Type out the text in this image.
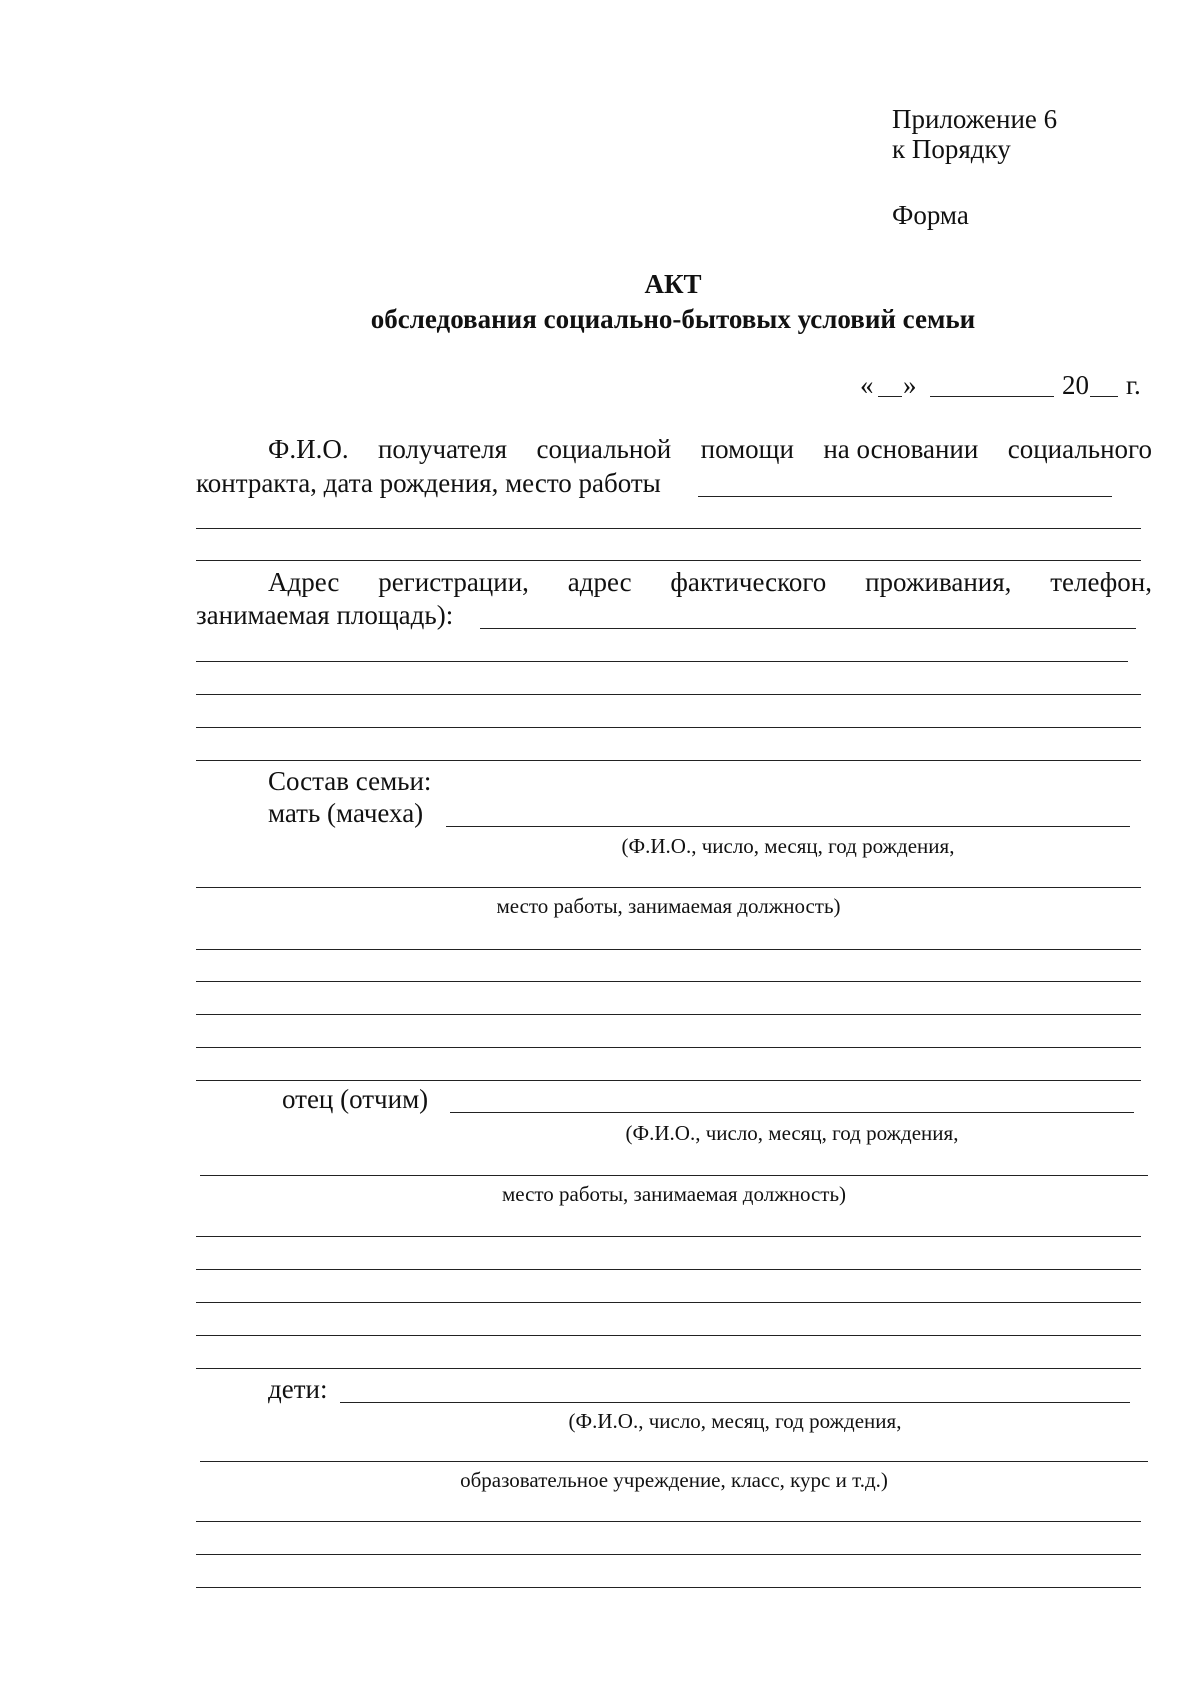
Приложение 6
к Порядку
Форма
АКТ
обследования социально-бытовых условий семьи
« »	20 г.
Ф.И.О. получателя социальной помощи на основании социального
контракта, дата рождения, место работы
Адрес регистрации, адрес фактического проживания, телефон,
занимаемая площадь):
Состав семьи:
мать (мачеха)
(Ф.И.О., число, месяц, год рождения,
место работы, занимаемая должность)
отец (отчим)
(Ф.И.О., число, месяц, год рождения,
место работы, занимаемая должность)
дети:
(Ф.И.О., число, месяц, год рождения,
образовательное учреждение, класс, курс и т.д.)
